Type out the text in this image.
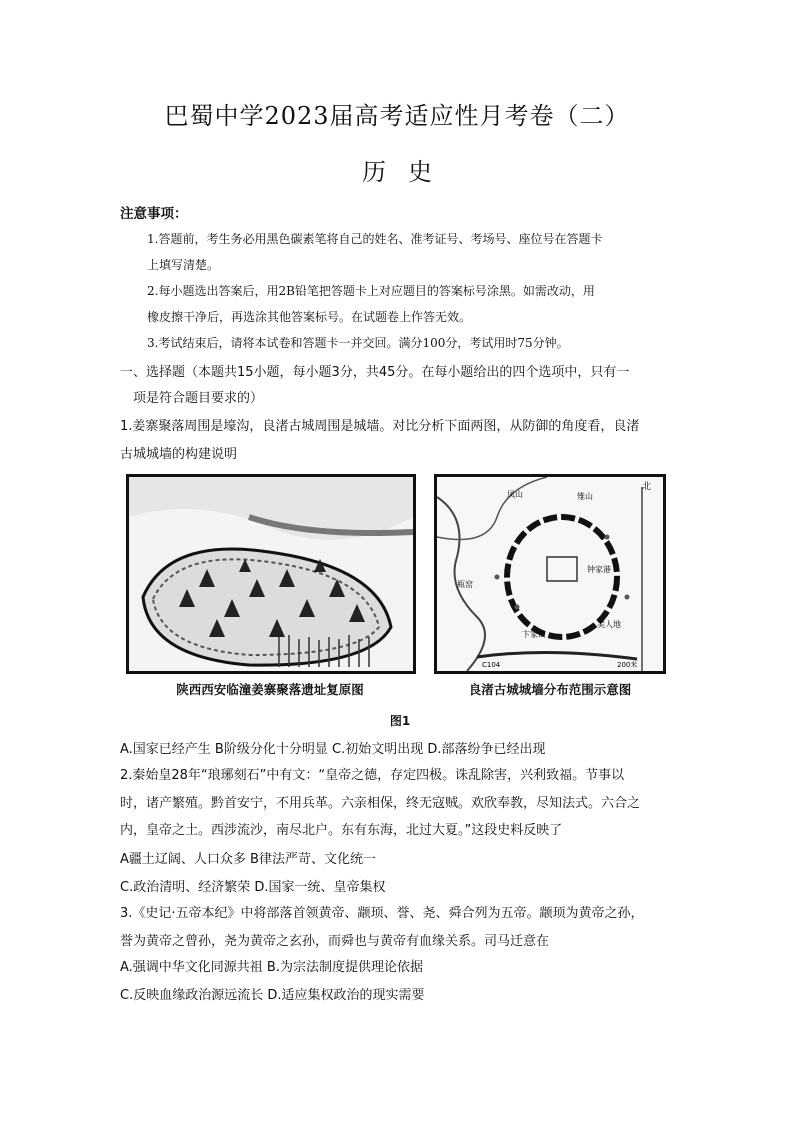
巴蜀中学2023届高考适应性月考卷（二）
历史
注意事项：

1.答题前，考生务必用黑色碳素笔将自己的姓名、准考证号、考场号、座位号在答题卡
上填写清楚。

2.每小题选出答案后，用2B铅笔把答题卡上对应题目的答案标号涂黑。如需改动，用
橡皮擦干净后，再选涂其他答案标号。在试题卷上作答无效。

3.考试结束后，请将本试卷和答题卡一并交回。满分100分，考试用时75分钟。

一、选择题（本题共15小题，每小题3分，共45分。在每小题给出的四个选项中，只有一
项是符合题目要求的）
1.姜寨聚落周围是壕沟，良渚古城周围是城墙。对比分析下面两图，从防御的角度看，良渚
古城城墙的构建说明
陕西西安临潼姜寨聚落遗址复原图
北
凤山	雉山
瓶窑
卞家山
美人地
钟家港
C104	200米
良渚古城城墙分布范围示意图
图1
A.国家已经产生 B阶级分化十分明显 C.初始文明出现 D.部落纷争已经出现
2.秦始皇28年“琅琊刻石”中有文：“皇帝之德，存定四极。诛乱除害，兴利致福。节事以
时，诸产繁殖。黔首安宁，不用兵革。六亲相保，终无寇贼。欢欣奉教，尽知法式。六合之
内，皇帝之土。西涉流沙，南尽北户。东有东海，北过大夏。”这段史料反映了
A疆土辽阔、人口众多 B律法严苛、文化统一
C.政治清明、经济繁荣 D.国家一统、皇帝集权
3.《史记·五帝本纪》中将部落首领黄帝、颛顼、誉、尧、舜合列为五帝。颛顼为黄帝之孙，
誉为黄帝之曾孙，尧为黄帝之玄孙，而舜也与黄帝有血缘关系。司马迁意在
A.强调中华文化同源共祖 B.为宗法制度提供理论依据
C.反映血缘政治源远流长 D.适应集权政治的现实需要
